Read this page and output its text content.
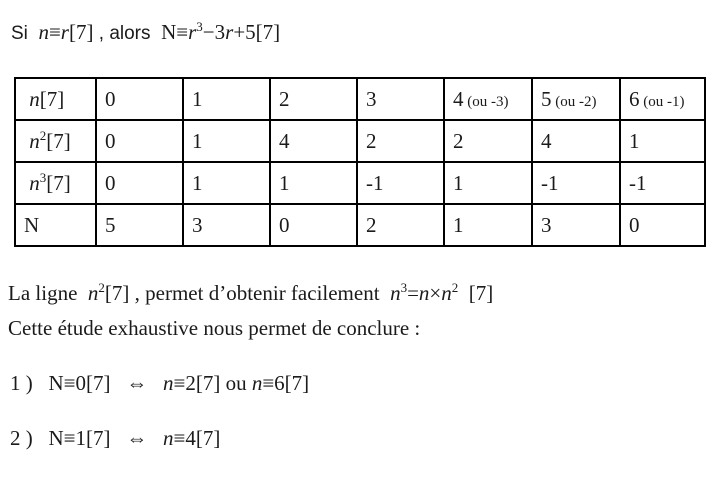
Si  n≡r[7] , alors  $N\equiv r^3-3r+5[7]$
n[7]	0	1	2	3	4 (ou -3)	5 (ou -2)	6 (ou -1)
$n^2[7]$	0	1	4	2	2	4	1
$n^3[7]$	0	1	1	-1	1	-1	-1
N	5	3	0	2	1	3	0
La ligne  $n^2[7]$ , permet d’obtenir facilement  $n^3=n\times n^2$  [7]
Cette étude exhaustive nous permet de conclure :
1 )   N≡0[7]   ⇔   n≡2[7] ou n≡6[7]
2 )   N≡1[7]   ⇔   n≡4[7]
